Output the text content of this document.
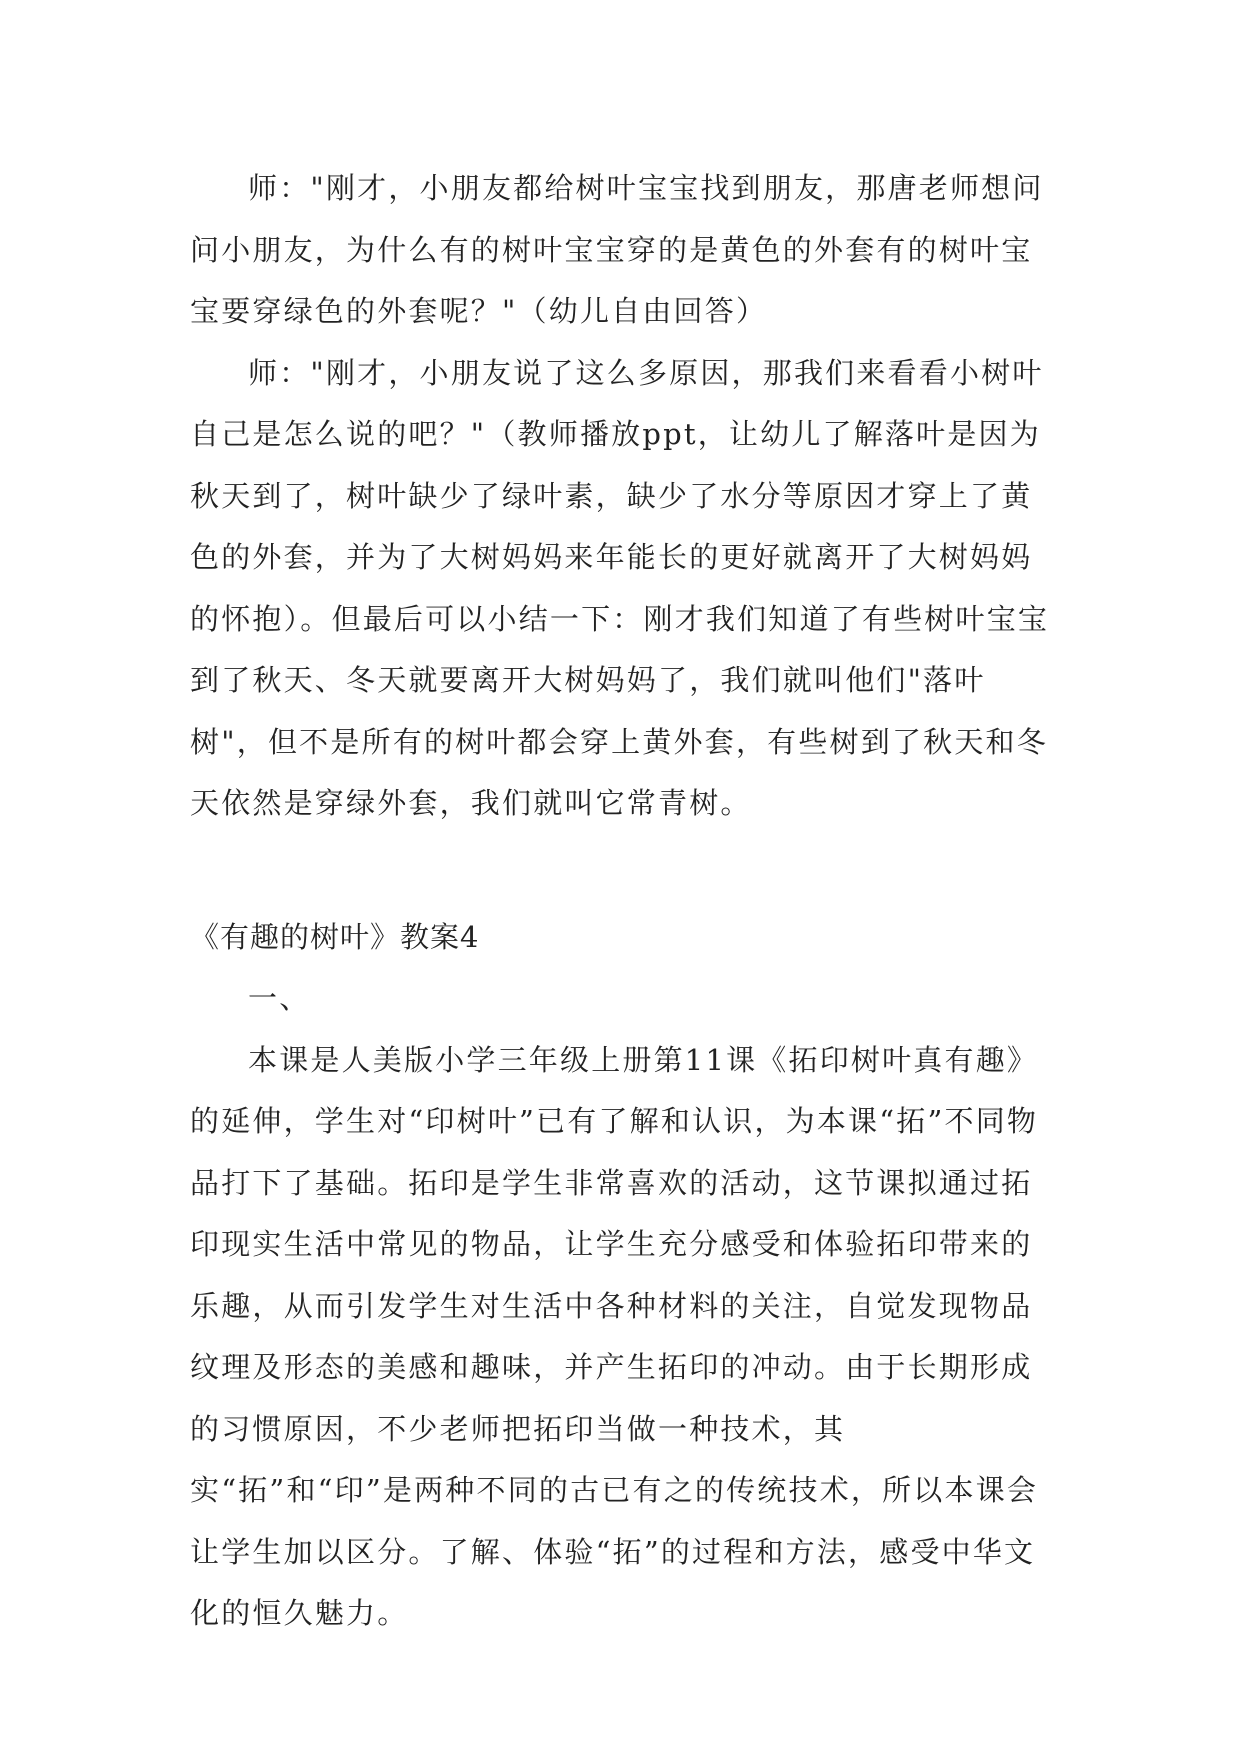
师："刚才，小朋友都给树叶宝宝找到朋友，那唐老师想问问小朋友，为什么有的树叶宝宝穿的是黄色的外套有的树叶宝宝要穿绿色的外套呢？"（幼儿自由回答）

师："刚才，小朋友说了这么多原因，那我们来看看小树叶自己是怎么说的吧？"（教师播放ppt，让幼儿了解落叶是因为秋天到了，树叶缺少了绿叶素，缺少了水分等原因才穿上了黄色的外套，并为了大树妈妈来年能长的更好就离开了大树妈妈的怀抱）。但最后可以小结一下：刚才我们知道了有些树叶宝宝到了秋天、冬天就要离开大树妈妈了，我们就叫他们"落叶树"，但不是所有的树叶都会穿上黄外套，有些树到了秋天和冬天依然是穿绿外套，我们就叫它常青树。

《有趣的树叶》教案4

一、

本课是人美版小学三年级上册第11课《拓印树叶真有趣》的延伸，学生对“印树叶”已有了解和认识，为本课“拓”不同物品打下了基础。拓印是学生非常喜欢的活动，这节课拟通过拓印现实生活中常见的物品，让学生充分感受和体验拓印带来的乐趣，从而引发学生对生活中各种材料的关注，自觉发现物品纹理及形态的美感和趣味，并产生拓印的冲动。由于长期形成的习惯原因，不少老师把拓印当做一种技术，其实“拓”和“印”是两种不同的古已有之的传统技术，所以本课会让学生加以区分。了解、体验“拓”的过程和方法，感受中华文化的恒久魅力。
